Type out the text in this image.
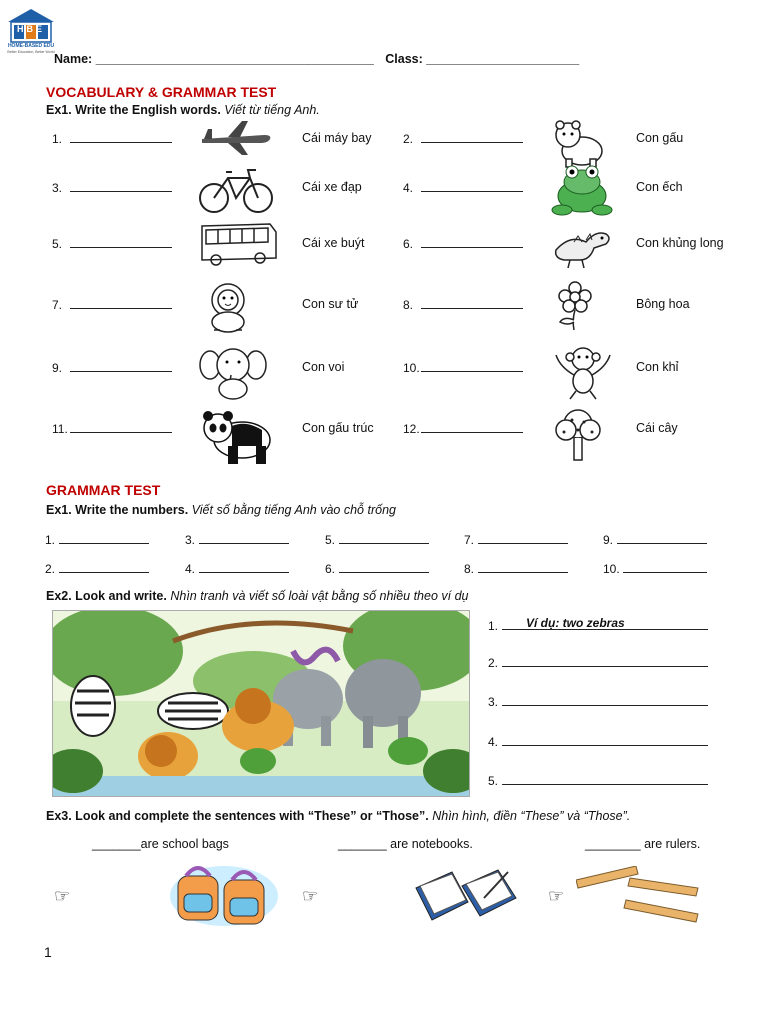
HBE
HOME-BASED EDU
Better Education, Better World Name: ________________________________________ Class: ______________________
VOCABULARY & GRAMMAR TEST
Ex1. Write the English words. Viết từ tiếng Anh.
1.	Cái máy bay	2.	Con gấu
3.	Cái xe đạp	4.	Con ếch
5.	Cái xe buýt	6.	Con khủng long
7.	Con sư tử	8.	Bông hoa
9.	Con voi	10.	Con khỉ
11.	Con gấu trúc 12.	Cái cây
GRAMMAR TEST
Ex1. Write the numbers. Viết số bằng tiếng Anh vào chỗ trống
1.
2.
3.
4.
5.
6.
7.
8.
9.
10.
Ex2. Look and write. Nhìn tranh và viết số loài vật bằng số nhiều theo ví dụ
1. Ví dụ: two zebras
2.
3.
4.
5.
Ex3. Look and complete the sentences with “These” or “Those”. Nhìn hình, điền “These” và “Those”.
_______are school bags	_______ are notebooks.	________ are rulers.
☞	☞	☞
1
